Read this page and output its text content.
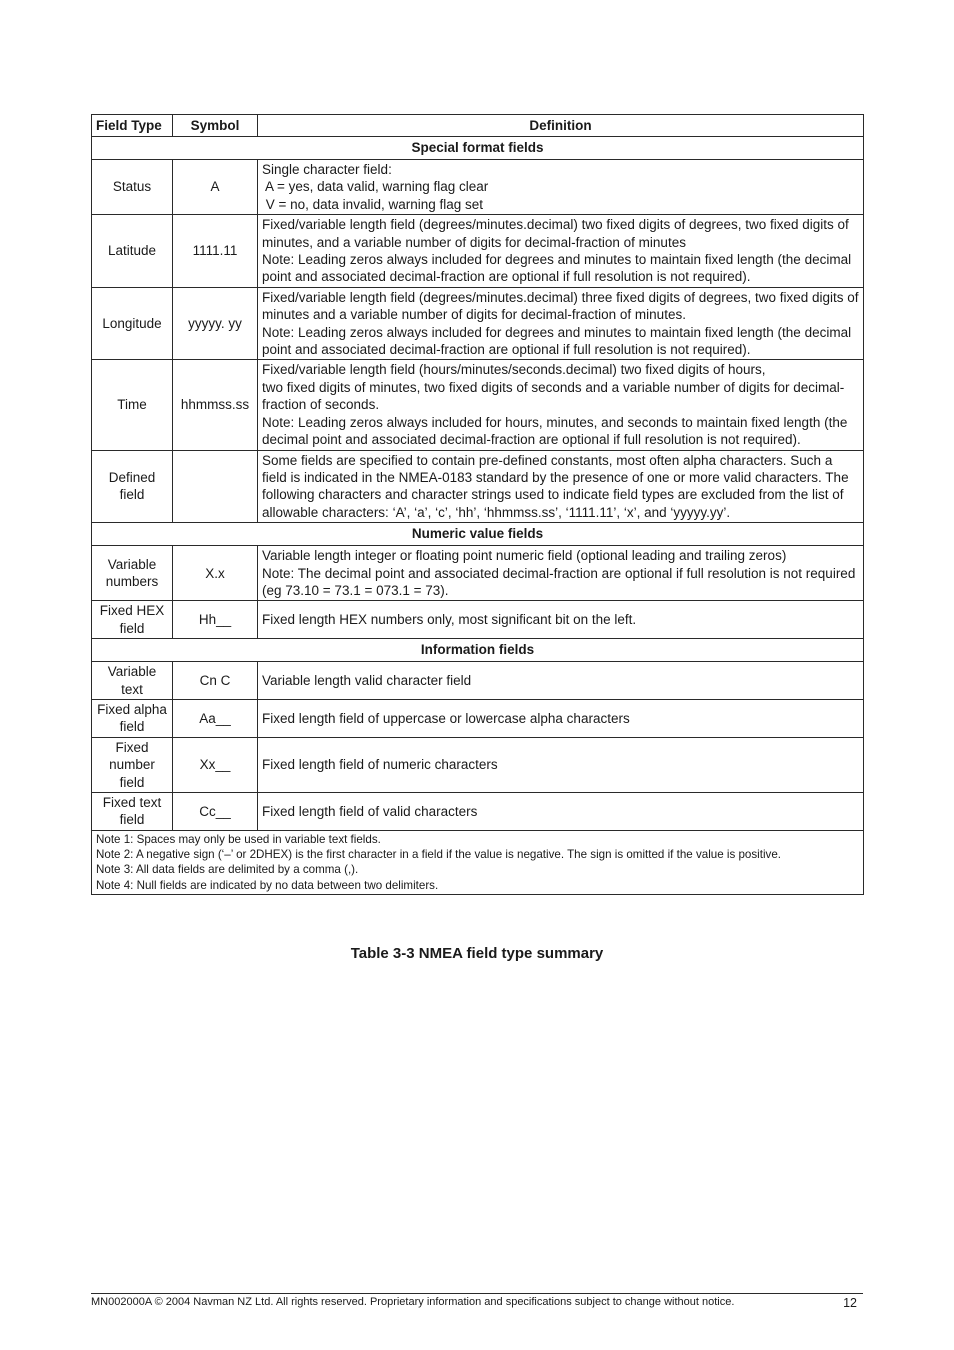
Field Type	Symbol	Definition
Special format fields		
Status	A	Single character field:
A = yes, data valid, warning flag clear
V = no, data invalid, warning flag set

Latitude	1111.11	Fixed/variable length field (degrees/minutes.decimal) two fixed digits of degrees, two fixed digits of minutes, and a variable number of digits for decimal-fraction of minutes
Note: Leading zeros always included for degrees and minutes to maintain fixed length (the decimal point and associated decimal-fraction are optional if full resolution is not required).

Longitude	yyyyy. yy	Fixed/variable length field (degrees/minutes.decimal) three fixed digits of degrees, two fixed digits of minutes and a variable number of digits for decimal-fraction of minutes.
Note: Leading zeros always included for degrees and minutes to maintain fixed length (the decimal point and associated decimal-fraction are optional if full resolution is not required).

Time	hhmmss.ss	Fixed/variable length field (hours/minutes/seconds.decimal) two fixed digits of hours,
two fixed digits of minutes, two fixed digits of seconds and a variable number of digits for decimal-fraction of seconds.
Note: Leading zeros always included for hours, minutes, and seconds to maintain fixed length (the decimal point and associated decimal-fraction are optional if full resolution is not required).

Defined field		Some fields are specified to contain pre-defined constants, most often alpha characters. Such a field is indicated in the NMEA-0183 standard by the presence of one or more valid characters. The following characters and character strings used to indicate field types are excluded from the list of allowable characters: ‘A’, ‘a’, ‘c’, ‘hh’, ‘hhmmss.ss’, ‘1111.11’, ‘x’, and ‘yyyyy.yy’.

Numeric value fields		
Variable numbers	X.x	Variable length integer or floating point numeric field (optional leading and trailing zeros)
Note: The decimal point and associated decimal-fraction are optional if full resolution is not required (eg 73.10 = 73.1 = 073.1 = 73).

Fixed HEX field	Hh__	Fixed length HEX numbers only, most significant bit on the left.

Information fields		
Variable text	Cn C	Variable length valid character field

Fixed alpha field	Aa__	Fixed length field of uppercase or lowercase alpha characters

Fixed number field	Xx__	Fixed length field of numeric characters

Fixed text field	Cc__	Fixed length field of valid characters

Note 1: Spaces may only be used in variable text fields.
Note 2: A negative sign (‘–’ or 2DHEX) is the first character in a field if the value is negative. The sign is omitted if the value is positive.
Note 3: All data fields are delimited by a comma (,).
Note 4: Null fields are indicated by no data between two delimiters.		
Table 3-3 NMEA field type summary
MN002000A © 2004 Navman NZ Ltd. All rights reserved. Proprietary information and specifications subject to change without notice.	12
